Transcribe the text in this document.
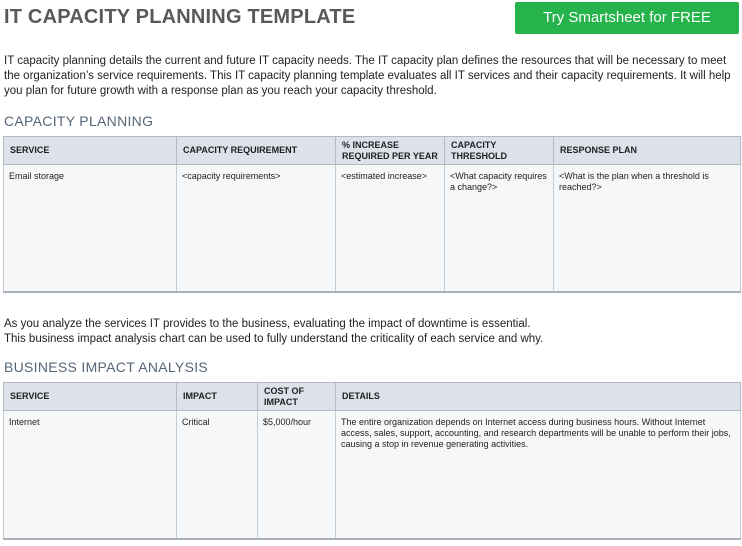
IT CAPACITY PLANNING TEMPLATE	Try Smartsheet for FREE

IT capacity planning details the current and future IT capacity needs. The IT capacity plan defines the resources that will be necessary to meet the organization’s service requirements. This IT capacity planning template evaluates all IT services and their capacity requirements. It will help you plan for future growth with a response plan as you reach your capacity threshold.

CAPACITY PLANNING
SERVICE	CAPACITY REQUIREMENT	% INCREASE REQUIRED PER YEAR	CAPACITY THRESHOLD	RESPONSE PLAN
Email storage	<capacity requirements>	<estimated increase>	<What capacity requires a change?>	<What is the plan when a threshold is reached?>

As you analyze the services IT provides to the business, evaluating the impact of downtime is essential.
This business impact analysis chart can be used to fully understand the criticality of each service and why.

BUSINESS IMPACT ANALYSIS
SERVICE	IMPACT	COST OF IMPACT	DETAILS
Internet	Critical	$5,000/hour	The entire organization depends on Internet access during business hours. Without Internet access, sales, support, accounting, and research departments will be unable to perform their jobs, causing a stop in revenue generating activities.
